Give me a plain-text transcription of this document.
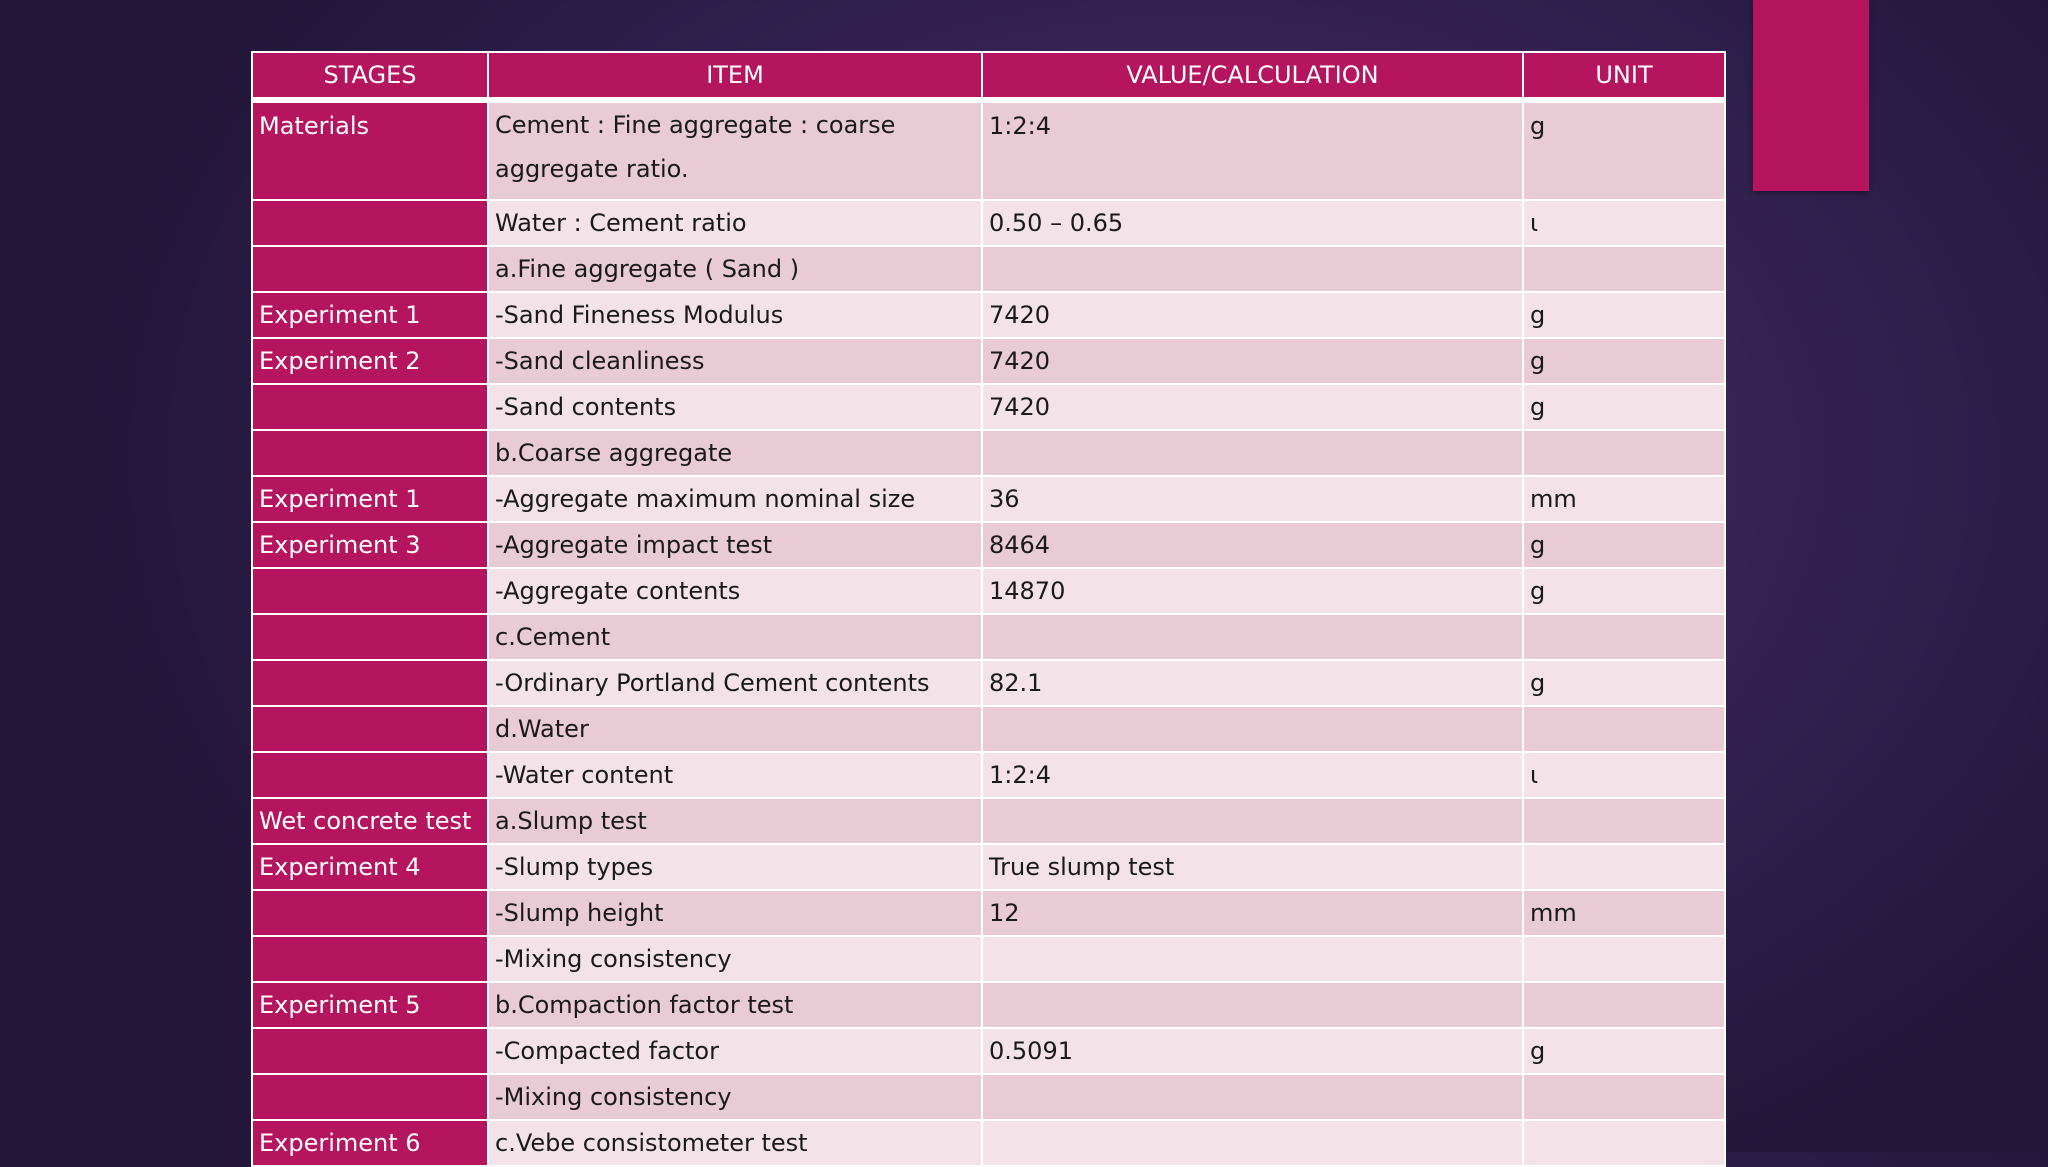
STAGES	ITEM	VALUE/CALCULATION	UNIT
Materials	Cement : Fine aggregate : coarse aggregate ratio.	1:2:4	g
	Water : Cement ratio	0.50 – 0.65	ɩ
	a.Fine aggregate ( Sand )		
Experiment 1	-Sand Fineness Modulus	7420	g
Experiment 2	-Sand cleanliness	7420	g
	-Sand contents	7420	g
	b.Coarse aggregate		
Experiment 1	-Aggregate maximum nominal size	36	mm
Experiment 3	-Aggregate impact test	8464	g
	-Aggregate contents	14870	g
	c.Cement		
	-Ordinary Portland Cement contents	82.1	g
	d.Water		
	-Water content	1:2:4	ɩ
Wet concrete test	a.Slump test		
Experiment 4	-Slump types	True slump test	
	-Slump height	12	mm
	-Mixing consistency		
Experiment 5	b.Compaction factor test		
	-Compacted factor	0.5091	g
	-Mixing consistency		
Experiment 6	c.Vebe consistometer test		
